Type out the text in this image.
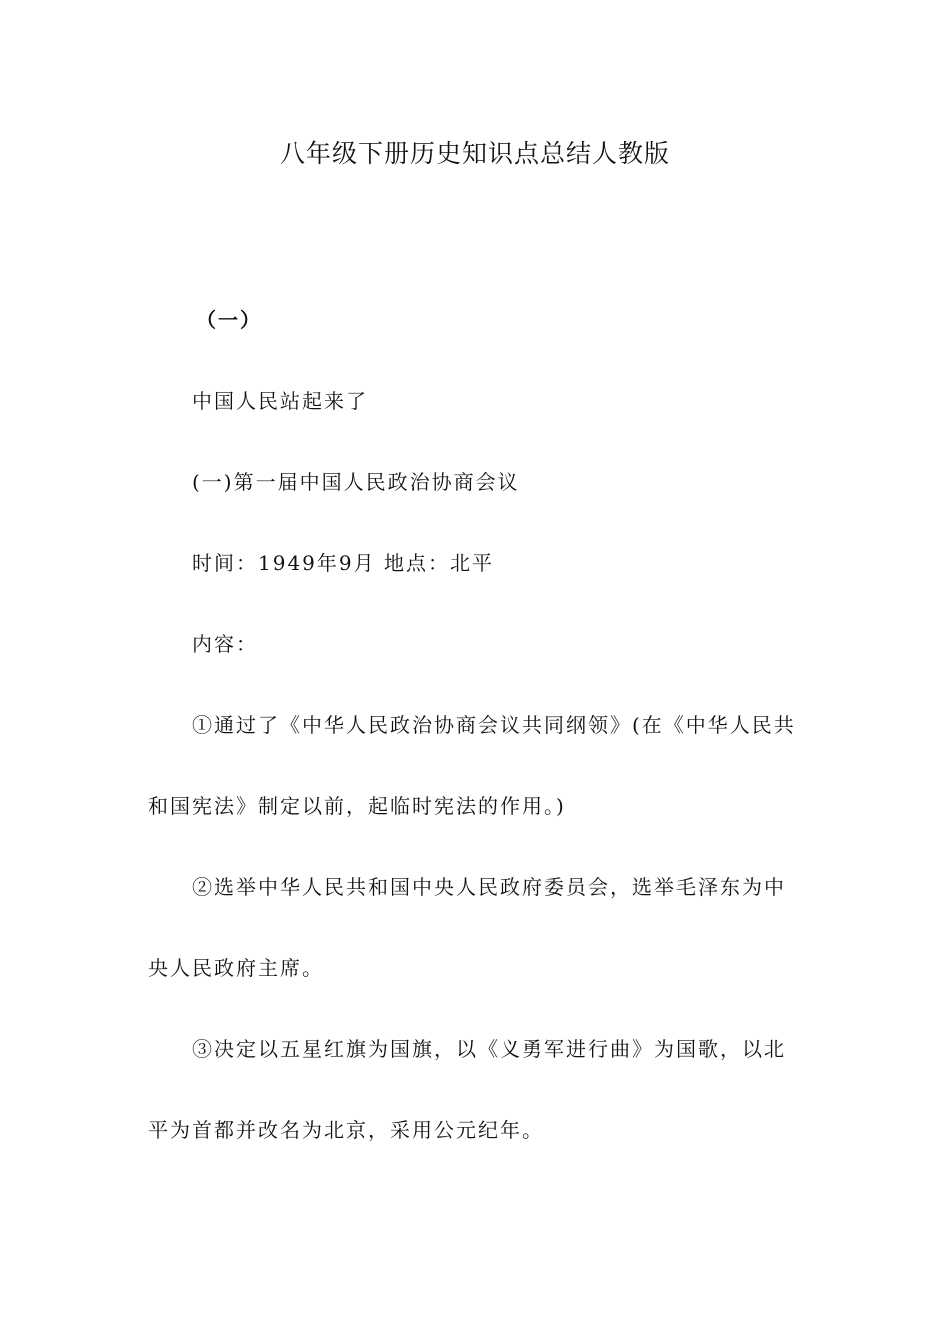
八年级下册历史知识点总结人教版

（一）

中国人民站起来了

(一)第一届中国人民政治协商会议

时间：1949年9月 地点：北平

内容：

①通过了《中华人民政治协商会议共同纲领》(在《中华人民共和国宪法》制定以前，起临时宪法的作用。)

②选举中华人民共和国中央人民政府委员会，选举毛泽东为中央人民政府主席。

③决定以五星红旗为国旗，以《义勇军进行曲》为国歌，以北平为首都并改名为北京，采用公元纪年。
